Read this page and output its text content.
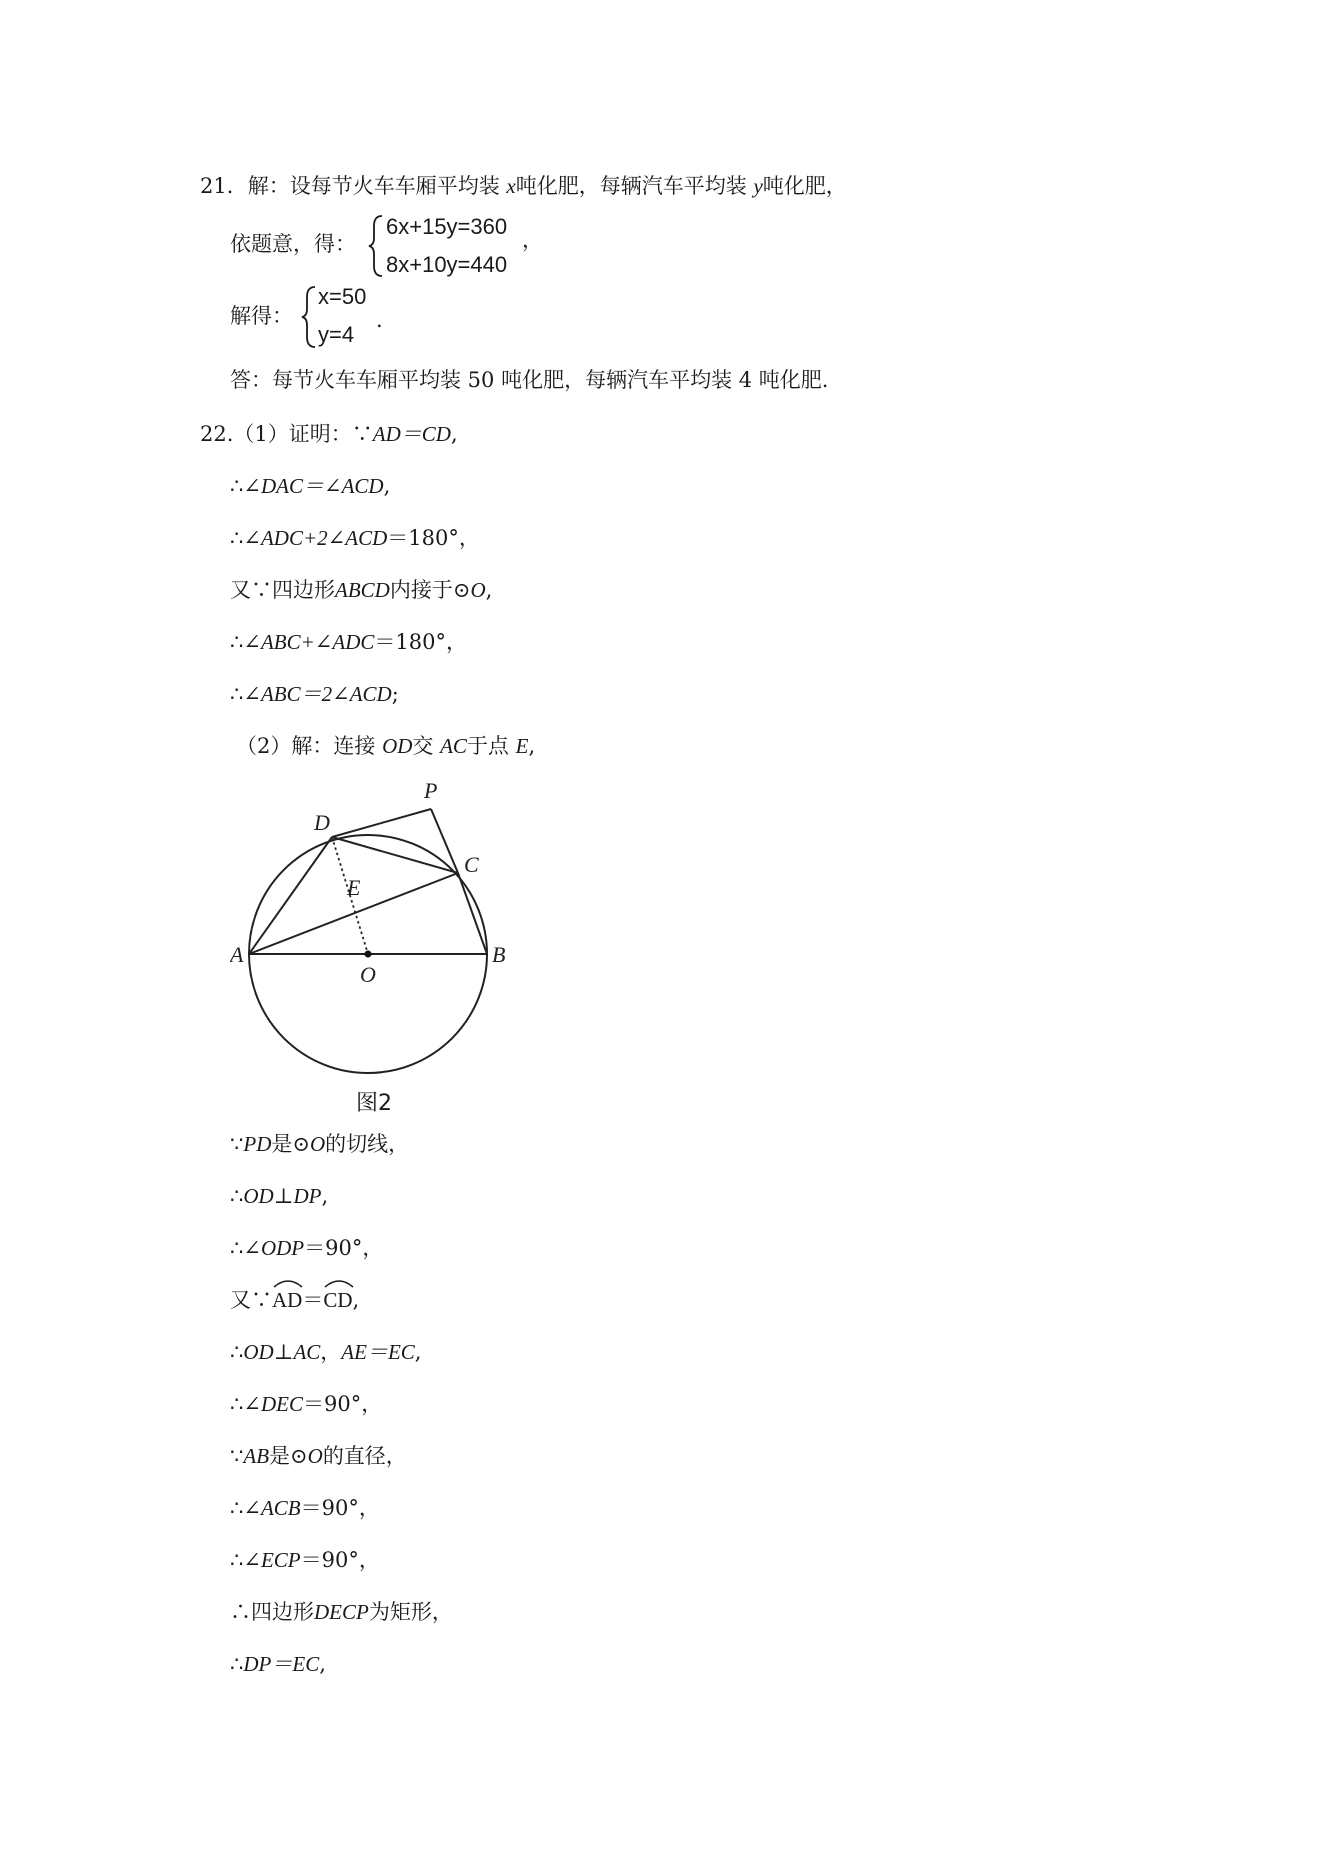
21．解：设每节火车车厢平均装 x吨化肥，每辆汽车平均装 y吨化肥，
依题意，得：
6x+15y=360
8x+10y=440
，
解得：
x=50
y=4
.
答：每节火车车厢平均装 50 吨化肥，每辆汽车平均装 4 吨化肥.
22.（1）证明：∵AD＝CD,
∴∠DAC＝∠ACD,
∴∠ADC+2∠ACD＝180°，
又∵四边形ABCD内接于⊙O,
∴∠ABC+∠ADC＝180°，
∴∠ABC＝2∠ACD;
（2）解：连接 OD交 AC于点 E,
P
D
C
E
A
O
B
图2
∵PD是⊙O的切线，
∴OD⊥DP,
∴∠ODP＝90°，
又∵
AD＝
CD,
∴OD⊥AC，AE＝EC,
∴∠DEC＝90°，
∵AB是⊙O的直径，
∴∠ACB＝90°，
∴∠ECP＝90°，
∴四边形DECP为矩形，
∴DP＝EC,
